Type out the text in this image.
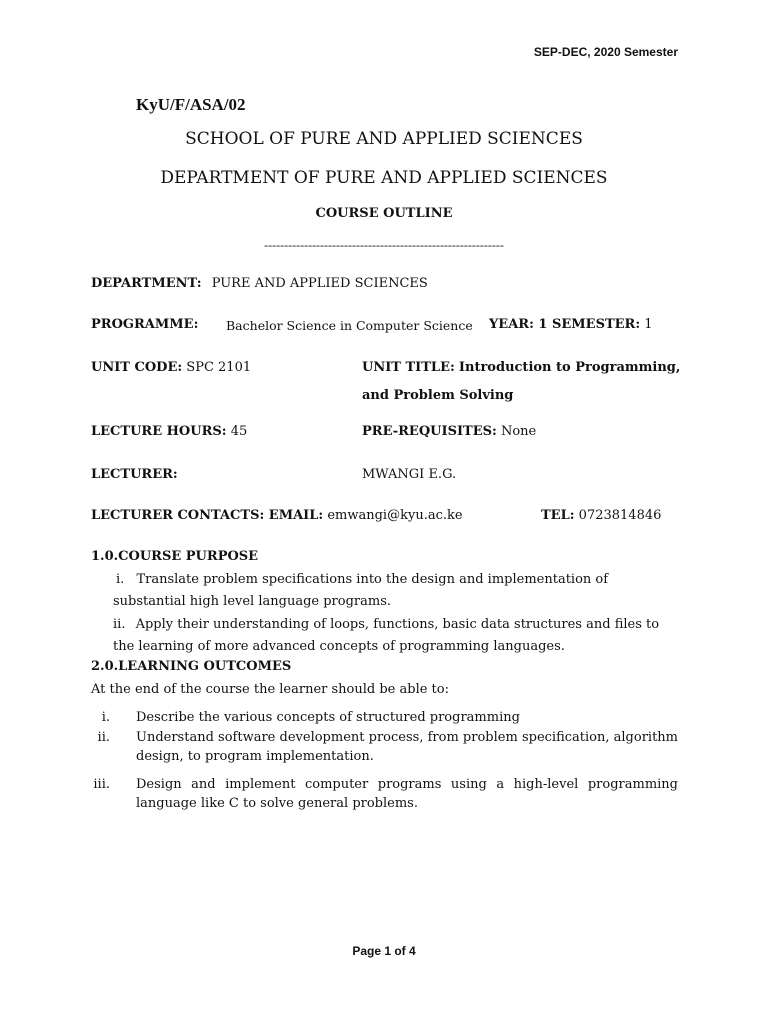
SEP-DEC, 2020 Semester
KyU/F/ASA/02
SCHOOL OF PURE AND APPLIED SCIENCES
DEPARTMENT OF PURE AND APPLIED SCIENCES
COURSE OUTLINE
------------------------------------------------------------
DEPARTMENT: PURE AND APPLIED SCIENCES
PROGRAMME: Bachelor Science in Computer Science YEAR: 1 SEMESTER: 1
UNIT CODE: SPC 2101	UNIT TITLE: Introduction to Programming,
and Problem Solving
LECTURE HOURS: 45	PRE-REQUISITES: None
LECTURER:	MWANGI E.G.
LECTURER CONTACTS: EMAIL: emwangi@kyu.ac.ke	TEL: 0723814846
1.0.COURSE PURPOSE
i. Translate problem specifications into the design and implementation of
substantial high level language programs.
ii. Apply their understanding of loops, functions, basic data structures and files to
the learning of more advanced concepts of programming languages.
2.0.LEARNING OUTCOMES
At the end of the course the learner should be able to:
i. Describe the various concepts of structured programming
ii. Understand software development process, from problem specification, algorithm design, to program implementation.
iii. Design and implement computer programs using a high-level programming language like C to solve general problems.
Page 1 of 4
